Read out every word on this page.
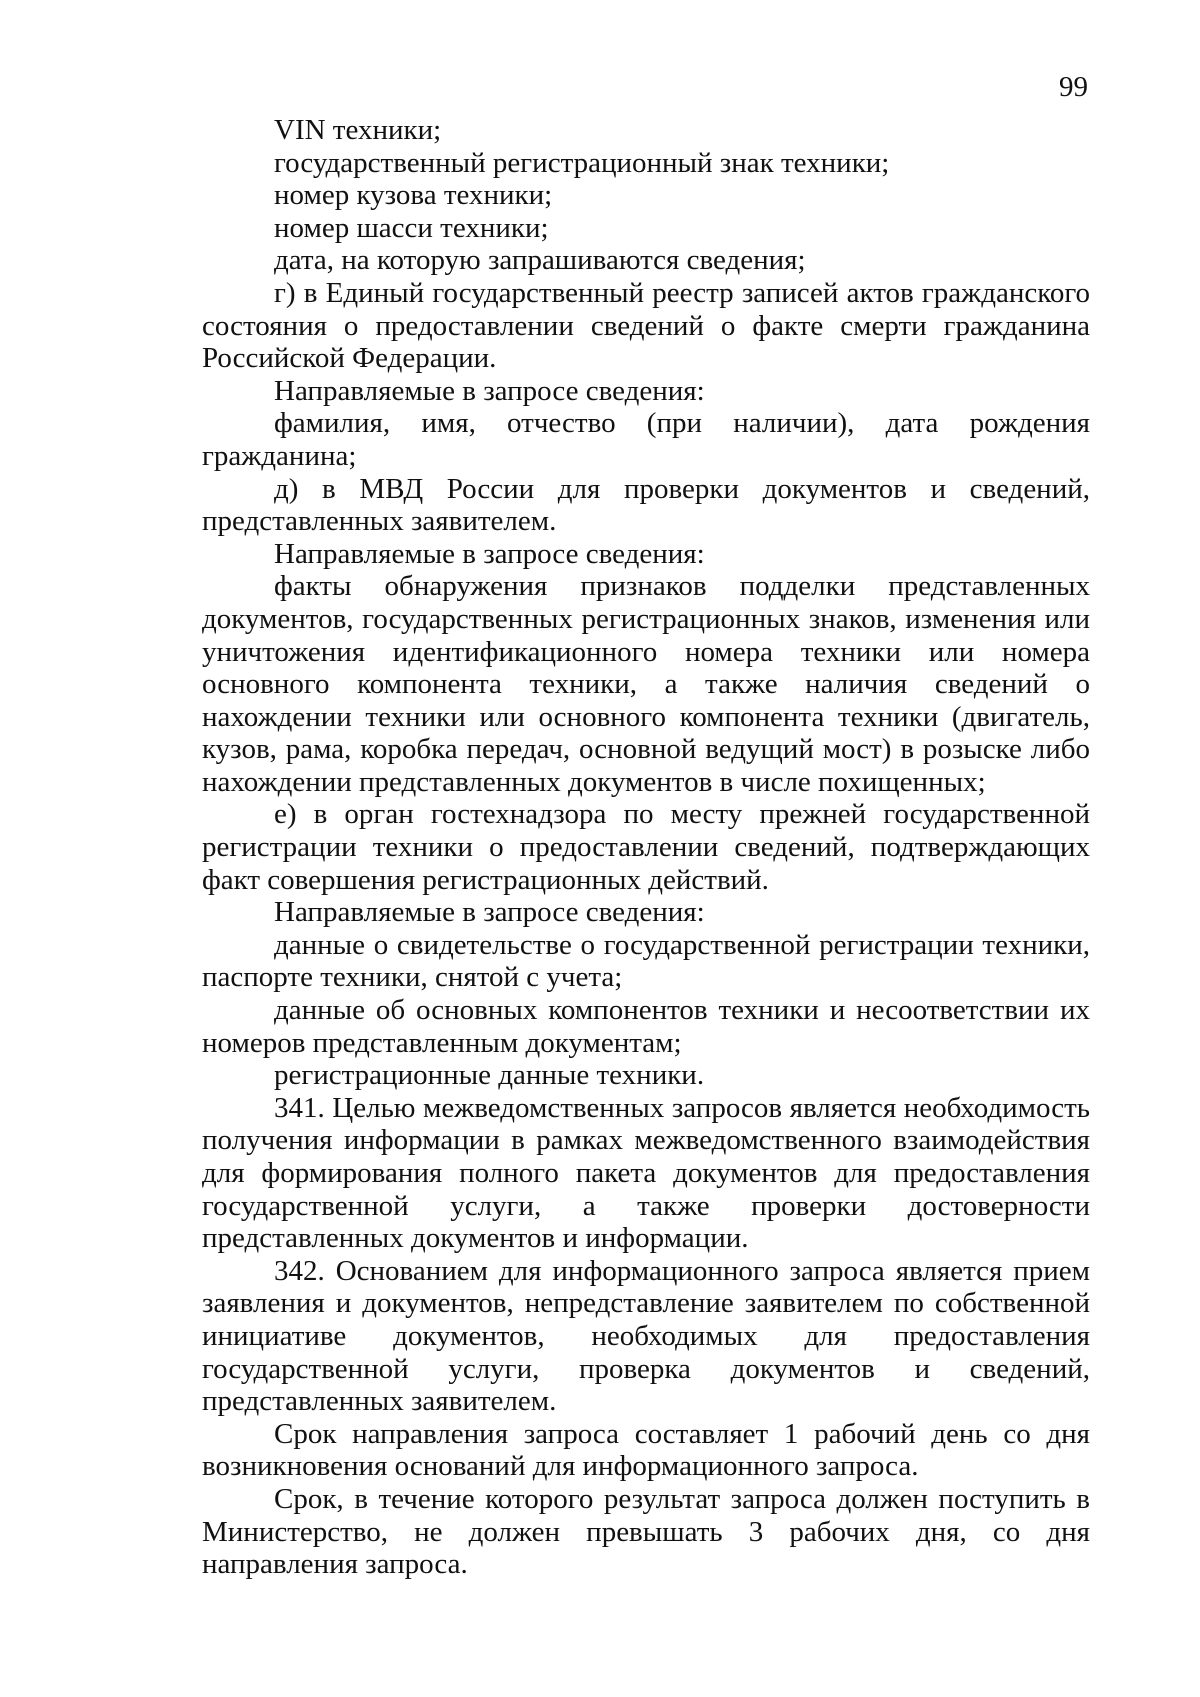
99

VIN техники;

государственный регистрационный знак техники;

номер кузова техники;

номер шасси техники;

дата, на которую запрашиваются сведения;

г) в Единый государственный реестр записей актов гражданского состояния о предоставлении сведений о факте смерти гражданина Российской Федерации.

Направляемые в запросе сведения:

фамилия, имя, отчество (при наличии), дата рождения гражданина;

д) в МВД России для проверки документов и сведений, представленных заявителем.

Направляемые в запросе сведения:

факты обнаружения признаков подделки представленных документов, государственных регистрационных знаков, изменения или уничтожения идентификационного номера техники или номера основного компонента техники, а также наличия сведений о нахождении техники или основного компонента техники (двигатель, кузов, рама, коробка передач, основной ведущий мост) в розыске либо нахождении представленных документов в числе похищенных;

е) в орган гостехнадзора по месту прежней государственной регистрации техники о предоставлении сведений, подтверждающих факт совершения регистрационных действий.

Направляемые в запросе сведения:

данные о свидетельстве о государственной регистрации техники, паспорте техники, снятой с учета;

данные об основных компонентов техники и несоответствии их номеров представленным документам;

регистрационные данные техники.

341. Целью межведомственных запросов является необходимость получения информации в рамках межведомственного взаимодействия для формирования полного пакета документов для предоставления государственной услуги, а также проверки достоверности представленных документов и информации.

342. Основанием для информационного запроса является прием заявления и документов, непредставление заявителем по собственной инициативе документов, необходимых для предоставления государственной услуги, проверка документов и сведений, представленных заявителем.

Срок направления запроса составляет 1 рабочий день со дня возникновения оснований для информационного запроса.

Срок, в течение которого результат запроса должен поступить в Министерство, не должен превышать 3 рабочих дня, со дня направления запроса.
